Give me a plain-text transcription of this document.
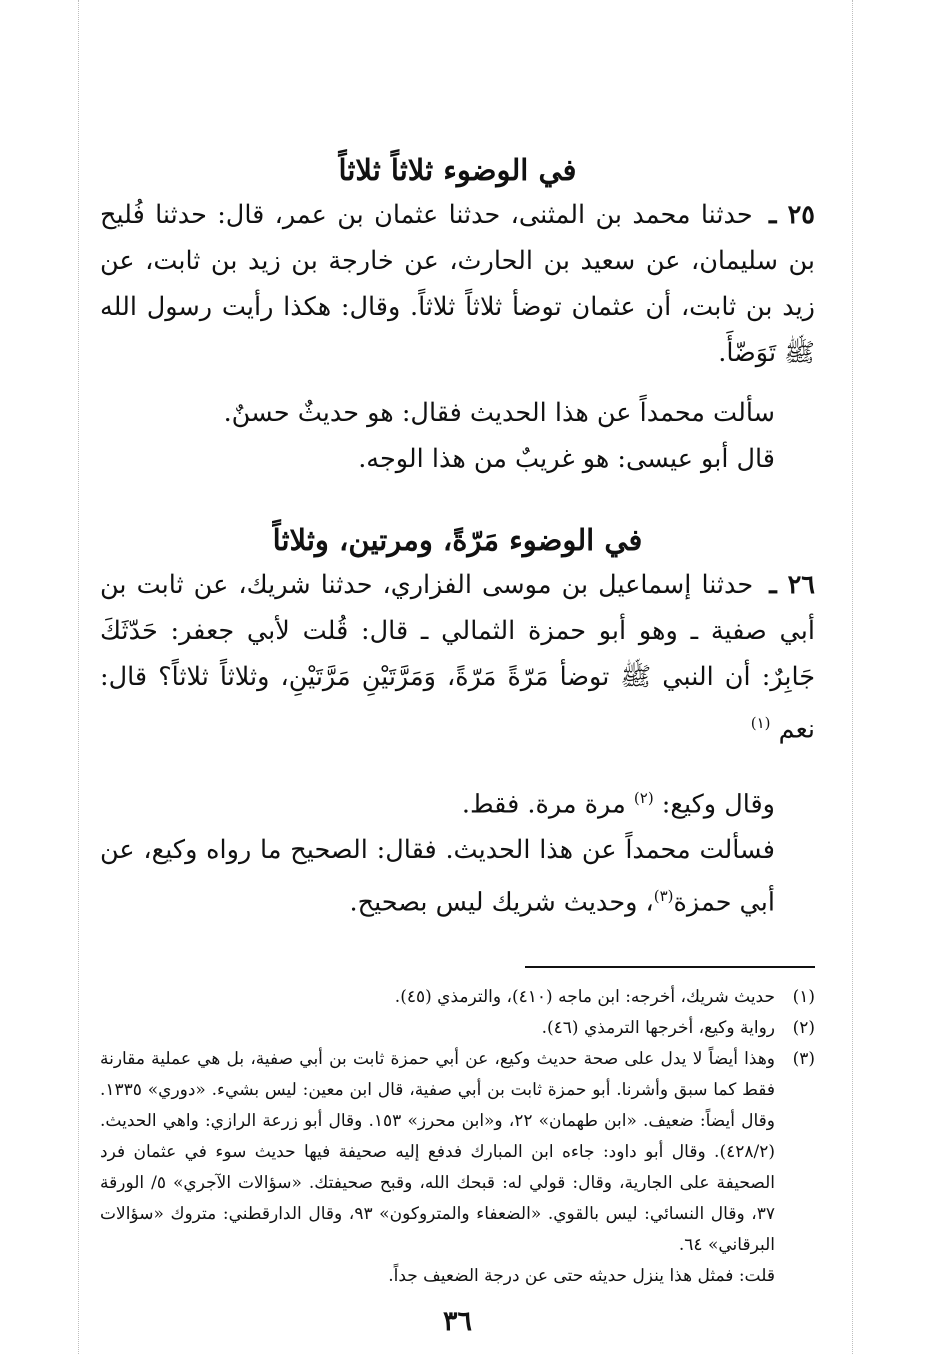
في الوضوء ثلاثاً ثلاثاً

٢٥ ـ حدثنا محمد بن المثنى، حدثنا عثمان بن عمر، قال: حدثنا فُليح بن سليمان، عن سعيد بن الحارث، عن خارجة بن زيد بن ثابت، عن زيد بن ثابت، أن عثمان توضأ ثلاثاً ثلاثاً. وقال: هكذا رأيت رسول الله ﷺ تَوَضّأَ.

سألت محمداً عن هذا الحديث فقال: هو حديثٌ حسنٌ.

قال أبو عيسى: هو غريبٌ من هذا الوجه.

في الوضوء مَرّةً، ومرتين، وثلاثاً

٢٦ ـ حدثنا إسماعيل بن موسى الفزاري، حدثنا شريك، عن ثابت بن أبي صفية ـ وهو أبو حمزة الثمالي ـ قال: قُلت لأبي جعفر: حَدّثَكَ جَابِرٌ: أن النبي ﷺ توضأ مَرّةً مَرّةً، وَمَرَّتَيْنِ مَرَّتَيْنِ، وثلاثاً ثلاثاً؟ قال: نعم $^{(١)}$

وقال وكيع: $^{(٢)}$ مرة مرة. فقط.

فسألت محمداً عن هذا الحديث. فقال: الصحيح ما رواه وكيع، عن أبي حمزة$^{(٣)}$، وحديث شريك ليس بصحيح.

(١)
حديث شريك، أخرجه: ابن ماجه (٤١٠)، والترمذي (٤٥).

(٢)
رواية وكيع، أخرجها الترمذي (٤٦).

(٣)
وهذا أيضاً لا يدل على صحة حديث وكيع، عن أبي حمزة ثابت بن أبي صفية، بل هي عملية مقارنة فقط كما سبق وأشرنا. أبو حمزة ثابت بن أبي صفية، قال ابن معين: ليس بشيء. «دوري» ١٣٣٥. وقال أيضاً: ضعيف. «ابن طهمان» ٢٢، و«ابن محرز» ١٥٣. وقال أبو زرعة الرازي: واهي الحديث. (٤٢٨/٢). وقال أبو داود: جاءه ابن المبارك فدفع إليه صحيفة فيها حديث سوء في عثمان فرد الصحيفة على الجارية، وقال: قولي له: قبحك الله، وقبح صحيفتك. «سؤالات الآجري» ٥/ الورقة ٣٧، وقال النسائي: ليس بالقوي. «الضعفاء والمتروكون» ٩٣، وقال الدارقطني: متروك «سؤالات البرقاني» ٦٤.

قلت: فمثل هذا ينزل حديثه حتى عن درجة الضعيف جداً.

٣٦
